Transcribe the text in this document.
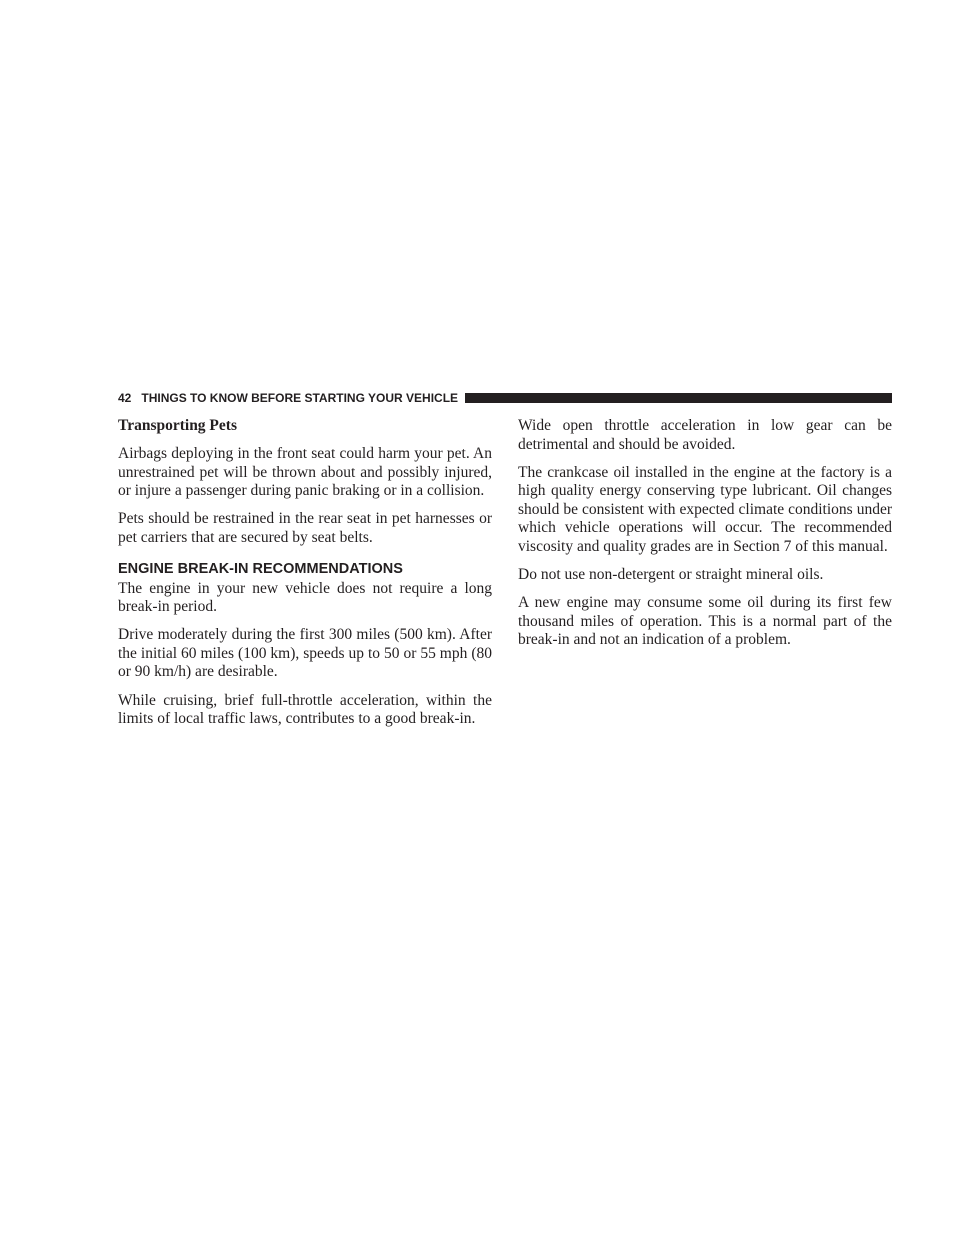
42 THINGS TO KNOW BEFORE STARTING YOUR VEHICLE

Transporting Pets

Airbags deploying in the front seat could harm your pet. An unrestrained pet will be thrown about and possibly injured, or injure a passenger during panic braking or in a collision.

Pets should be restrained in the rear seat in pet harnesses or pet carriers that are secured by seat belts.

ENGINE BREAK-IN RECOMMENDATIONS

The engine in your new vehicle does not require a long break-in period.

Drive moderately during the first 300 miles (500 km). After the initial 60 miles (100 km), speeds up to 50 or 55 mph (80 or 90 km/h) are desirable.

While cruising, brief full-throttle acceleration, within the limits of local traffic laws, contributes to a good break-in.

Wide open throttle acceleration in low gear can be detrimental and should be avoided.

The crankcase oil installed in the engine at the factory is a high quality energy conserving type lubricant. Oil changes should be consistent with expected climate conditions under which vehicle operations will occur. The recommended viscosity and quality grades are in Section 7 of this manual.

Do not use non-detergent or straight mineral oils.

A new engine may consume some oil during its first few thousand miles of operation. This is a normal part of the break-in and not an indication of a problem.
